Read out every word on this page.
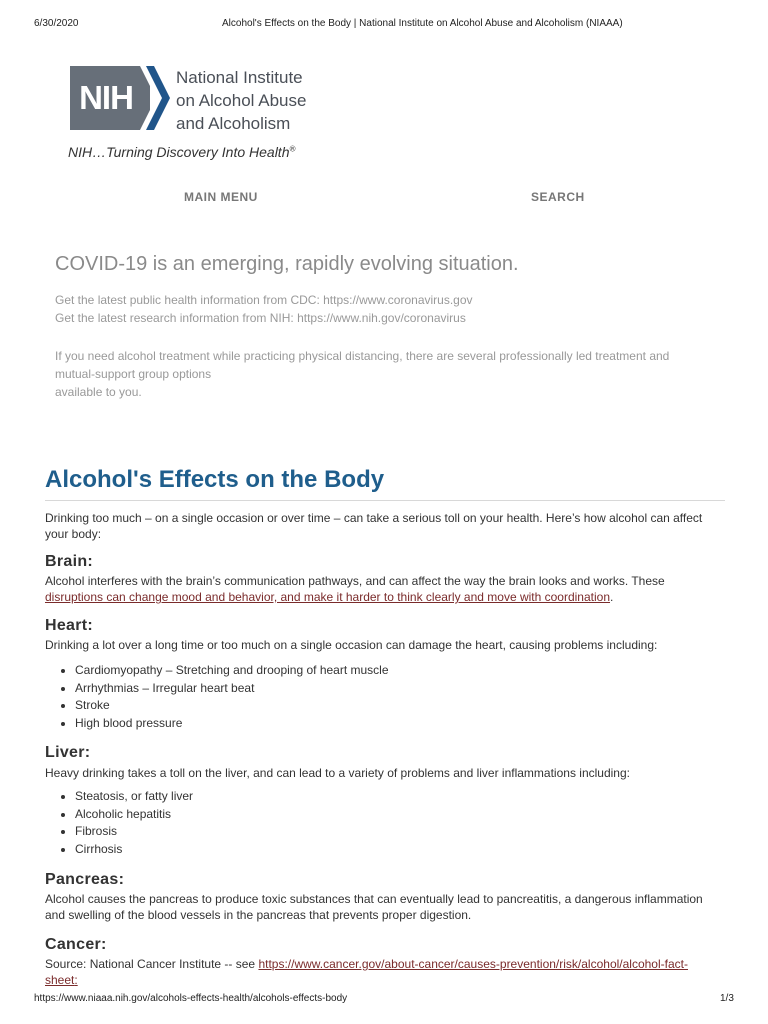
6/30/2020	Alcohol's Effects on the Body | National Institute on Alcohol Abuse and Alcoholism (NIAAA)
NIH
National Institute
on Alcohol Abuse
and Alcoholism
NIH…Turning Discovery Into Health®
MAIN MENU	SEARCH
COVID-19 is an emerging, rapidly evolving situation.
Get the latest public health information from CDC: https://www.coronavirus.gov
Get the latest research information from NIH: https://www.nih.gov/coronavirus
If you need alcohol treatment while practicing physical distancing, there are several professionally led treatment and
mutual-support group options
available to you.
Alcohol's Effects on the Body
Drinking too much – on a single occasion or over time – can take a serious toll on your health. Here’s how alcohol can affect
your body:
Brain:
Alcohol interferes with the brain’s communication pathways, and can affect the way the brain looks and works. These
disruptions can change mood and behavior, and make it harder to think clearly and move with coordination.
Heart:
Drinking a lot over a long time or too much on a single occasion can damage the heart, causing problems including:
• Cardiomyopathy – Stretching and drooping of heart muscle
• Arrhythmias – Irregular heart beat
• Stroke
• High blood pressure
Liver:
Heavy drinking takes a toll on the liver, and can lead to a variety of problems and liver inflammations including:
• Steatosis, or fatty liver
• Alcoholic hepatitis
• Fibrosis
• Cirrhosis
Pancreas:
Alcohol causes the pancreas to produce toxic substances that can eventually lead to pancreatitis, a dangerous inflammation
and swelling of the blood vessels in the pancreas that prevents proper digestion.
Cancer:
Source: National Cancer Institute -- see https://www.cancer.gov/about-cancer/causes-prevention/risk/alcohol/alcohol-fact-
sheet:
https://www.niaaa.nih.gov/alcohols-effects-health/alcohols-effects-body	1/3
